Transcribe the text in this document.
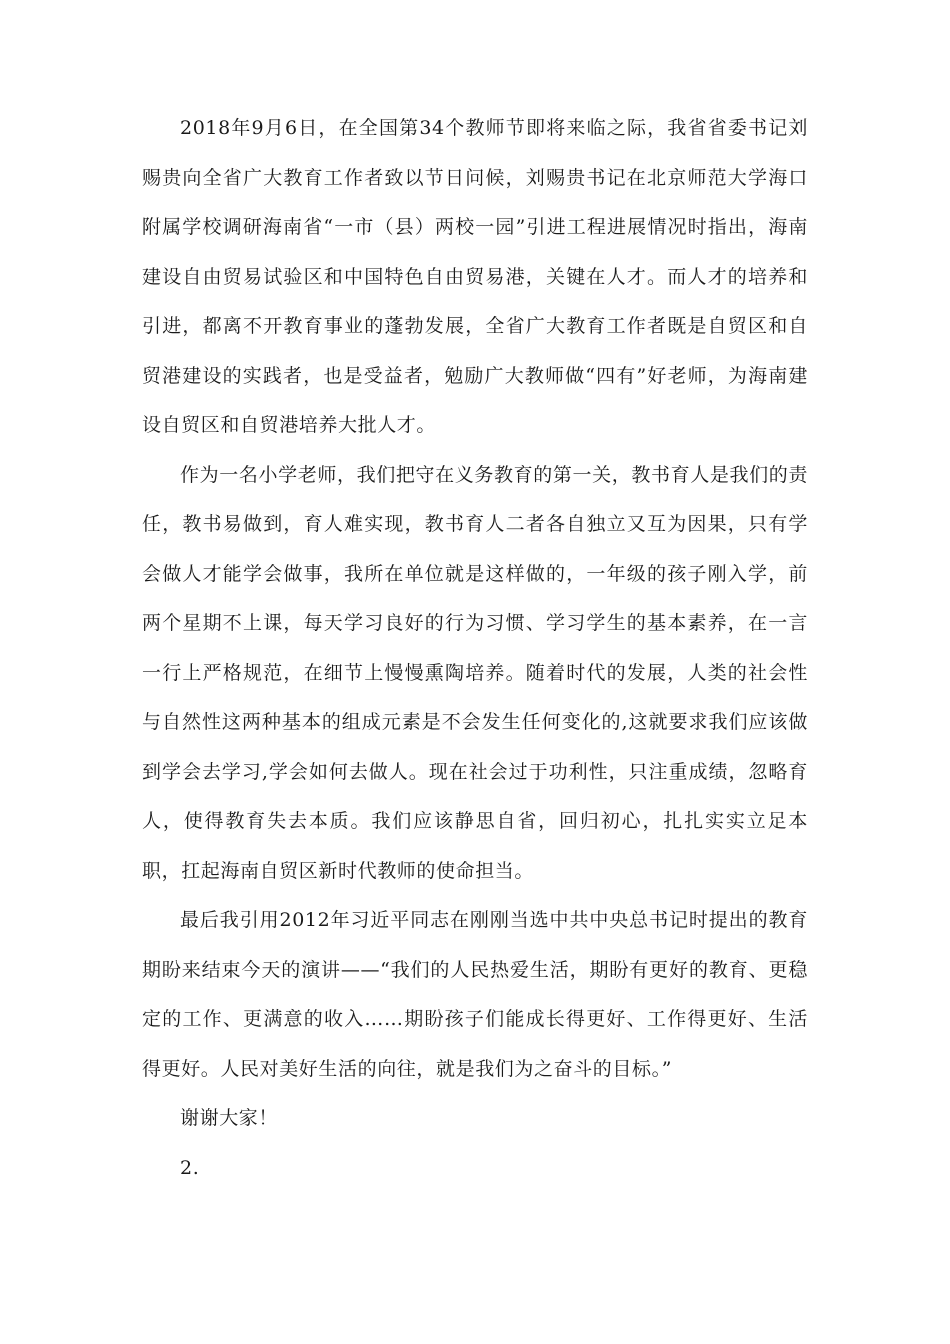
2018年9月6日，在全国第34个教师节即将来临之际，我省省委书记刘赐贵向全省广大教育工作者致以节日问候，刘赐贵书记在北京师范大学海口附属学校调研海南省“一市（县）两校一园”引进工程进展情况时指出，海南建设自由贸易试验区和中国特色自由贸易港，关键在人才。而人才的培养和引进，都离不开教育事业的蓬勃发展，全省广大教育工作者既是自贸区和自贸港建设的实践者，也是受益者，勉励广大教师做“四有”好老师，为海南建设自贸区和自贸港培养大批人才。

作为一名小学老师，我们把守在义务教育的第一关，教书育人是我们的责任，教书易做到，育人难实现，教书育人二者各自独立又互为因果，只有学会做人才能学会做事，我所在单位就是这样做的，一年级的孩子刚入学，前两个星期不上课，每天学习良好的行为习惯、学习学生的基本素养，在一言一行上严格规范，在细节上慢慢熏陶培养。随着时代的发展，人类的社会性与自然性这两种基本的组成元素是不会发生任何变化的,这就要求我们应该做到学会去学习,学会如何去做人。现在社会过于功利性，只注重成绩，忽略育人，使得教育失去本质。我们应该静思自省，回归初心，扎扎实实立足本职，扛起海南自贸区新时代教师的使命担当。

最后我引用2012年习近平同志在刚刚当选中共中央总书记时提出的教育期盼来结束今天的演讲——“我们的人民热爱生活，期盼有更好的教育、更稳定的工作、更满意的收入……期盼孩子们能成长得更好、工作得更好、生活得更好。人民对美好生活的向往，就是我们为之奋斗的目标。”

谢谢大家！

2.
